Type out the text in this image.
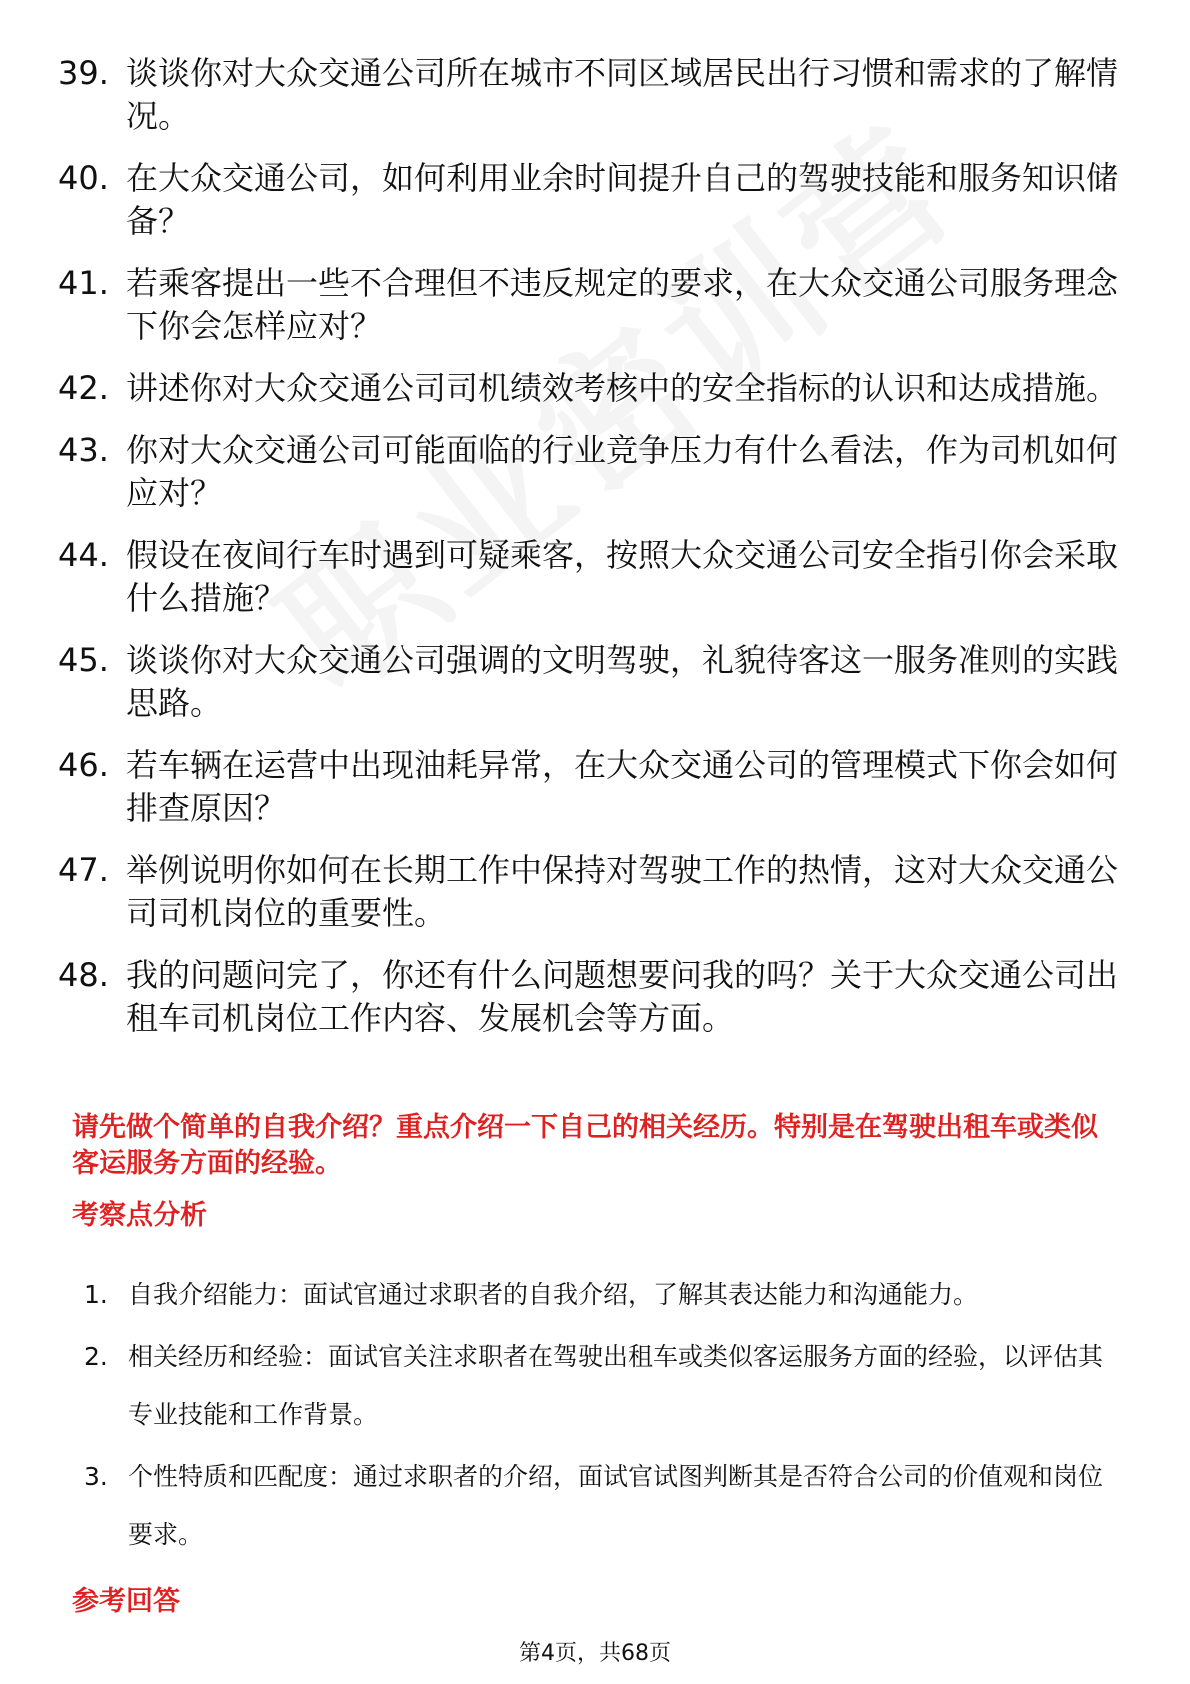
39. 谈谈你对大众交通公司所在城市不同区域居民出行习惯和需求的了解情况。
40. 在大众交通公司，如何利用业余时间提升自己的驾驶技能和服务知识储备？
41. 若乘客提出一些不合理但不违反规定的要求，在大众交通公司服务理念下你会怎样应对？
42. 讲述你对大众交通公司司机绩效考核中的安全指标的认识和达成措施。
43. 你对大众交通公司可能面临的行业竞争压力有什么看法，作为司机如何应对？
44. 假设在夜间行车时遇到可疑乘客，按照大众交通公司安全指引你会采取什么措施？
45. 谈谈你对大众交通公司强调的文明驾驶，礼貌待客这一服务准则的实践思路。
46. 若车辆在运营中出现油耗异常，在大众交通公司的管理模式下你会如何排查原因？
47. 举例说明你如何在长期工作中保持对驾驶工作的热情，这对大众交通公司司机岗位的重要性。
48. 我的问题问完了，你还有什么问题想要问我的吗？关于大众交通公司出租车司机岗位工作内容、发展机会等方面。
请先做个简单的自我介绍？重点介绍一下自己的相关经历。特别是在驾驶出租车或类似客运服务方面的经验。
考察点分析
1. 自我介绍能力：面试官通过求职者的自我介绍，了解其表达能力和沟通能力。
2. 相关经历和经验：面试官关注求职者在驾驶出租车或类似客运服务方面的经验，以评估其专业技能和工作背景。
3. 个性特质和匹配度：通过求职者的介绍，面试官试图判断其是否符合公司的价值观和岗位要求。
参考回答
第4页，共68页
